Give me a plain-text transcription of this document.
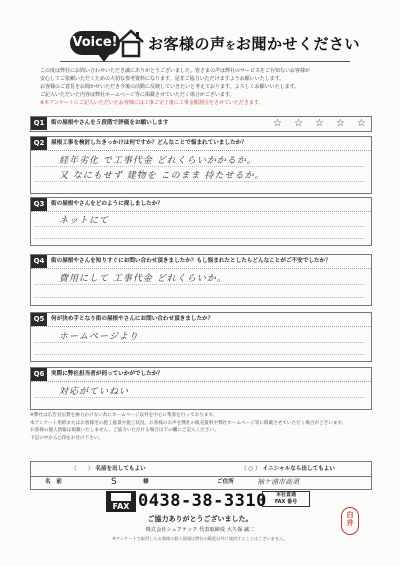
Voice! お客様の声をお聞かせください

この度は弊社にお問い合わせいただき誠にありがとうございました。皆さまの声は弊社のサービスをご存知ないお客様が

安心してご依頼いただくための大切な参考資料になります。是非ご協力いただけますようお願いいたします。

お客様のご意見をお聞かせいただき今後の活動に反映していきたいと考えております。よろしくお願いいたします。

ご記入いただいた内容は弊社ホームページ等に掲載させていただく場合がございます。

※本アンケートにご記入いただいたお客様には工事ご完了後に工事金額割引をさせていただきます。

Q1	街の屋根やさんを５段階で評価をお願いします	☆☆☆☆☆
Q2	屋根工事を検討したきっかけは何ですか？どんなことで悩まれていましたか？
経年劣化 で工事代金 どれくらいかかるか。
又 なにもせず 建物を このまま 持たせるか。
Q3	街の屋根やさんをどのように探しましたか？
ネットにて
Q4	街の屋根やさんを知りすぐにお問い合わせ頂きましたか？もし悩まれたとしたらどんなことがご不安でしたか？
費用にして 工事代金 どれくらいか。
Q5	何が決め手となり街の屋根やさんにお問い合わせ頂きましたか？
ホームページより
Q6	実際に弊社担当者が伺っていかがでしたか？
対応がていねい

※弊社は広告宣伝費を極力かけない為にホームページ以外を中心に集客を行っております。

本アンケート用紙またはお客様宅の施工風景や施工状況、お客様のお声を弊社の販売資料や弊社ホームページ等に掲載させていただく場合がございます。

お客様の個人情報は掲載いたしません。ご協力いただける場合は下の欄にご記入ください。

下記の中から○印をお付け下さい。

（　　） 名前を出してもよい	（ ○ ） イニシャルなら出してもよい
名　前	S	様	ご住所	袖ケ浦市高須
FAX 0438-38-3310	本社直通
FAX 番号
ご協力ありがとうございました。
株式会社シェアテック 代表取締役 大久保 誠二
※アンケートで取得したお客様の個人情報は弊社の販促以外に使用することはございません。
白
井
